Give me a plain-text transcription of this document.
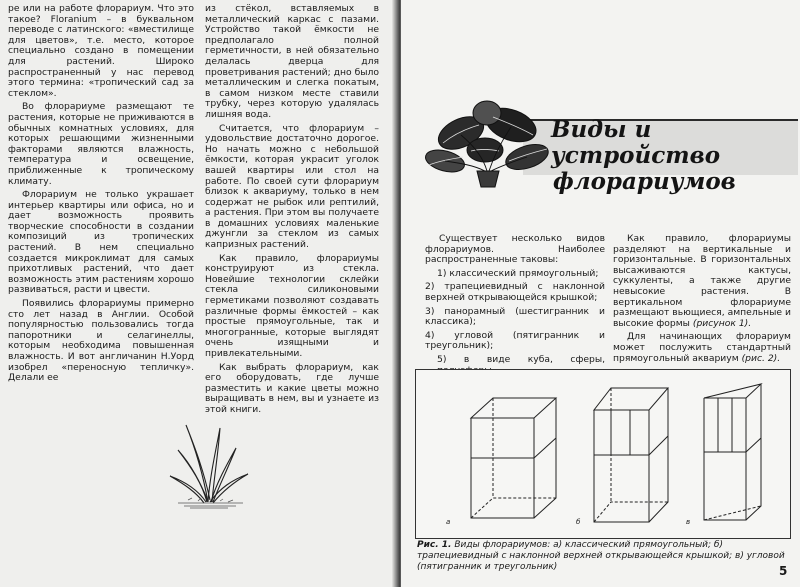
ре или на работе флорариум. Что это такое? Floranium – в буквальном переводе с латинского: «вместилище для цветов», т.е. место, которое специально создано в помещении для растений. Широко распространенный у нас перевод этого термина: «тропический сад за стеклом».

Во флорариуме размещают те растения, которые не приживаются в обычных комнатных условиях, для которых решающими жизненными факторами являются влажность, температура и освещение, приближенные к тропическому климату.

Флорариум не только украшает интерьер квартиры или офиса, но и дает возможность проявить творческие способности в создании композиций из тропических растений. В нем специально создается микроклимат для самых прихотливых растений, что дает возможность этим растениям хорошо развиваться, расти и цвести.

Появились флорариумы примерно сто лет назад в Англии. Особой популярностью пользовались тогда папоротники и селагинеллы, которым необходима повышенная влажность. И вот англичанин Н.Уорд изобрел «переносную тепличку». Делали ее

из стёкол, вставляемых в металлический каркас с пазами. Устройство такой ёмкости не предполагало полной герметичности, в ней обязательно делалась дверца для проветривания растений; дно было металлическим и слегка покатым, в самом низком месте ставили трубку, через которую удалялась лишняя вода.

Считается, что флорариум – удовольствие достаточно дорогое. Но начать можно с небольшой ёмкости, которая украсит уголок вашей квартиры или стол на работе. По своей сути флорариум близок к аквариуму, только в нем содержат не рыбок или рептилий, а растения. При этом вы получаете в домашних условиях маленькие джунгли за стеклом из самых капризных растений.

Как правило, флорариумы конструируют из стекла. Новейшие технологии склейки стекла силиконовыми герметиками позволяют создавать различные формы ёмкостей – как простые прямоугольные, так и многогранные, которые выглядят очень изящными и привлекательными.

Как выбрать флорариум, как его оборудовать, где лучше разместить и какие цветы можно выращивать в нем, вы и узнаете из этой книги.

Виды и устройство
флорариумов

Существует несколько видов флорариумов. Наиболее распространенные таковы:

1) классический прямоугольный;

2) трапециевидный с наклонной верхней открывающейся крышкой;

3) панорамный (шестигранник и классика);

4) угловой (пятигранник и треугольник);

5) в виде куба, сферы,

Как правило, флорариумы разделяют на вертикальные и горизонтальные. В горизонтальных высаживаются кактусы, суккуленты, а также другие невысокие растения. В вертикальном флорариуме размещают вьющиеся, ампельные и высокие формы (рисунок 1).

Для начинающих флорариум может послужить стандартный прямоугольный аквариум (рис. 2).

а	б	в
Рис. 1. Виды флорариумов: а) классический прямоугольный; б) трапециевидный с наклонной верхней открывающейся крышкой; в) угловой (пятигранник и треугольник)	5
